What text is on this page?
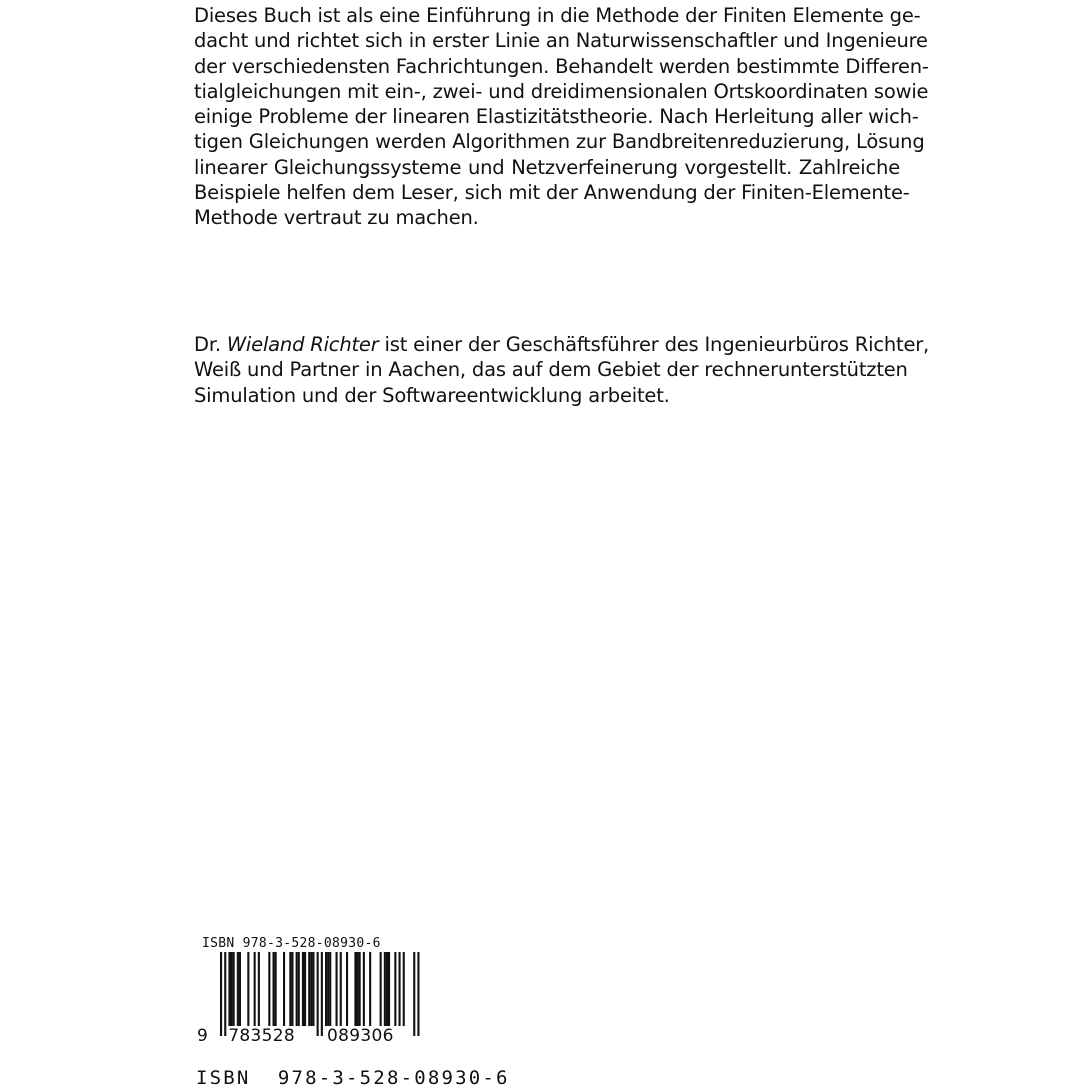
Dieses Buch ist als eine Einführung in die Methode der Finiten Elemente ge-
dacht und richtet sich in erster Linie an Naturwissenschaftler und Ingenieure
der verschiedensten Fachrichtungen. Behandelt werden bestimmte Differen-
tialgleichungen mit ein-, zwei- und dreidimensionalen Ortskoordinaten sowie
einige Probleme der linearen Elastizitätstheorie. Nach Herleitung aller wich-
tigen Gleichungen werden Algorithmen zur Bandbreitenreduzierung, Lösung
linearer Gleichungssysteme und Netzverfeinerung vorgestellt. Zahlreiche
Beispiele helfen dem Leser, sich mit der Anwendung der Finiten-Elemente-
Methode vertraut zu machen.
Dr. Wieland Richter ist einer der Geschäftsführer des Ingenieurbüros Richter,
Weiß und Partner in Aachen, das auf dem Gebiet der rechnerunterstützten
Simulation und der Softwareentwicklung arbeitet.
ISBN 978-3-528-08930-6
9 783528 089306
ISBN  978-3-528-08930-6
